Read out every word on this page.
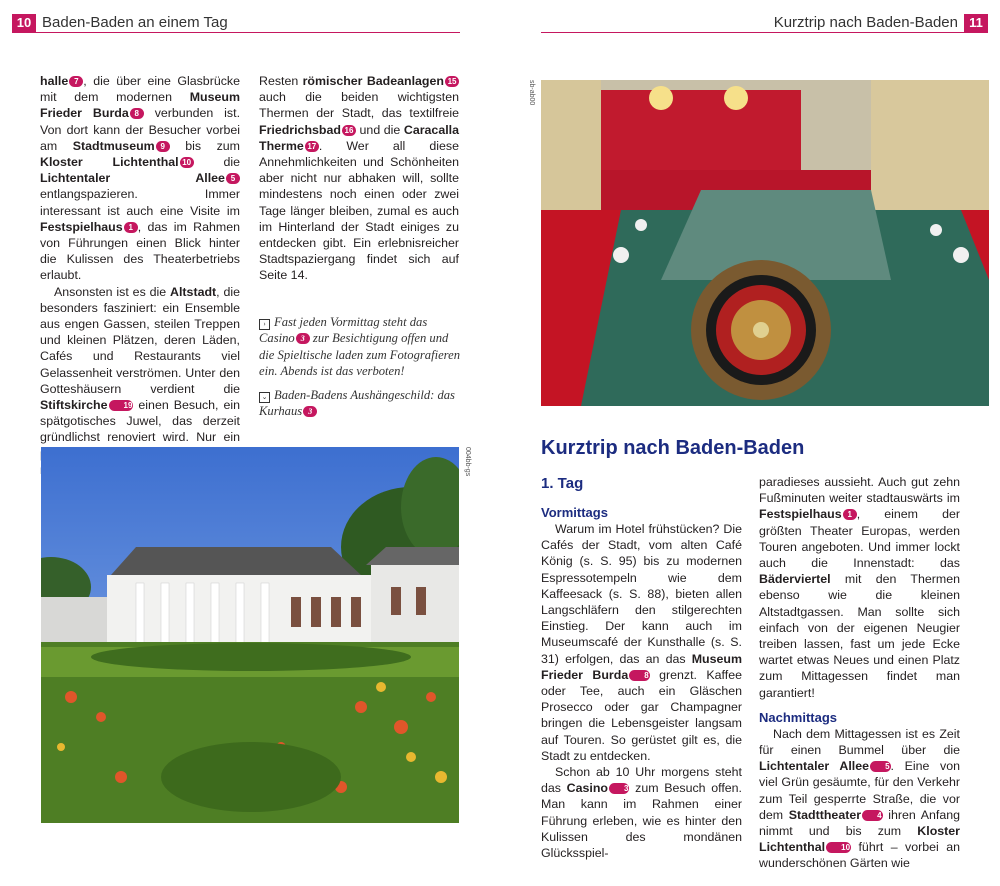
10 Baden-Baden an einem Tag	Kurztrip nach Baden-Baden 11

halle  7 , die über eine Glasbrücke mit dem modernen Museum Frieder Burda  8 verbunden ist. Von dort kann der Besucher vorbei am Stadtmuseum  9 bis zum Kloster Lichtenthal  10 die Lichtentaler Allee  5 entlangspazieren. Immer interessant ist auch eine Visite im Festspielhaus  1 , das im Rahmen von Führungen einen Blick hinter die Kulissen des Theaterbetriebs erlaubt.

Ansonsten ist es die Altstadt, die besonders fasziniert: ein Ensemble aus engen Gassen, steilen Treppen und kleinen Plätzen, deren Läden, Cafés und Restaurants viel Gelassenheit verströmen. Unter den Gotteshäusern verdient die Stiftskirche  19 einen Besuch, ein spätgotisches Juwel, das derzeit gründlichst renoviert wird. Nur ein

Resten römischer Badeanlagen  15 auch die beiden wichtigsten Thermen der Stadt, das textilfreie Friedrichsbad  16 und die Caracalla Therme  17 . Wer all diese Annehmlichkeiten und Schönheiten aber nicht nur abhaken will, sollte mindestens noch einen oder zwei Tage länger bleiben, zumal es auch im Hinterland der Stadt einiges zu entdecken gibt. Ein erlebnisreicher Stadtspaziergang findet sich auf Seite 14.

› Fast jeden Vormittag steht das Casino  3 zur Besichtigung offen und die Spieltische laden zum Fotografieren ein. Abends ist das verboten!

⌄ Baden-Badens Aushängeschild: das Kurhaus  3

004bb-gs
sb-ab00
Kurztrip nach Baden-Baden
1. Tag
Vormittags

Warum im Hotel frühstücken? Die Cafés der Stadt, vom alten Café König (s. S. 95) bis zu modernen Espressotempeln wie dem Kaffeesack (s. S. 88), bieten allen Langschläfern den stilgerechten Einstieg. Der kann auch im Museumscafé der Kunsthalle (s. S. 31) erfolgen, das an das Museum Frieder Burda  8 grenzt. Kaffee oder Tee, auch ein Gläschen Prosecco oder gar Champagner bringen die Lebensgeister langsam auf Touren. So gerüstet gilt es, die Stadt zu entdecken.

Schon ab 10 Uhr morgens steht das Casino  3 zum Besuch offen. Man kann im Rahmen einer Führung erleben, wie es hinter den Kulissen des mondänen Glücksspiel-

paradieses aussieht. Auch gut zehn Fußminuten weiter stadtauswärts im Festspielhaus  1 , einem der größten Theater Europas, werden Touren angeboten. Und immer lockt auch die Innenstadt: das Bäderviertel mit den Thermen ebenso wie die kleinen Altstadtgassen. Man sollte sich einfach von der eigenen Neugier treiben lassen, fast um jede Ecke wartet etwas Neues und einen Platz zum Mittagessen findet man garantiert!

Nachmittags

Nach dem Mittagessen ist es Zeit für einen Bummel über die Lichtentaler Allee  5. Eine von viel Grün gesäumte, für den Verkehr zum Teil gesperrte Straße, die vor dem Stadttheater  4 ihren Anfang nimmt und bis zum Kloster Lichtenthal  10 führt – vorbei an wunderschönen Gärten wie
